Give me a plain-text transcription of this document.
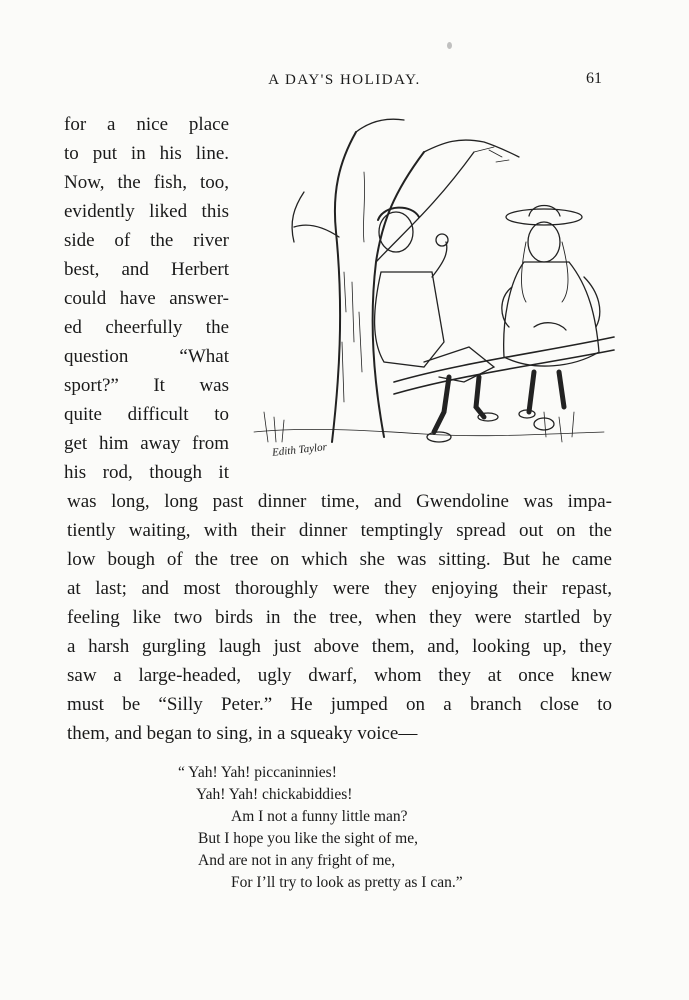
A DAY'S HOLIDAY.	61
for a nice place
to put in his line.
Now, the fish, too,
evidently liked this
side of the river
best, and Herbert
could have answer-
ed cheerfully the
question “What
sport?” It was
quite difficult to
get him away from
his rod, though it
Edith Taylor
was long, long past dinner time, and Gwendoline was impa-
tiently waiting, with their dinner temptingly spread out on the
low bough of the tree on which she was sitting. But he came
at last; and most thoroughly were they enjoying their repast,
feeling like two birds in the tree, when they were startled by
a harsh gurgling laugh just above them, and, looking up, they
saw a large-headed, ugly dwarf, whom they at once knew
must be “Silly Peter.” He jumped on a branch close to
them, and began to sing, in a squeaky voice—
“ Yah! Yah! piccaninnies!
Yah! Yah! chickabiddies!
Am I not a funny little man?
But I hope you like the sight of me,
And are not in any fright of me,
For I’ll try to look as pretty as I can.”
